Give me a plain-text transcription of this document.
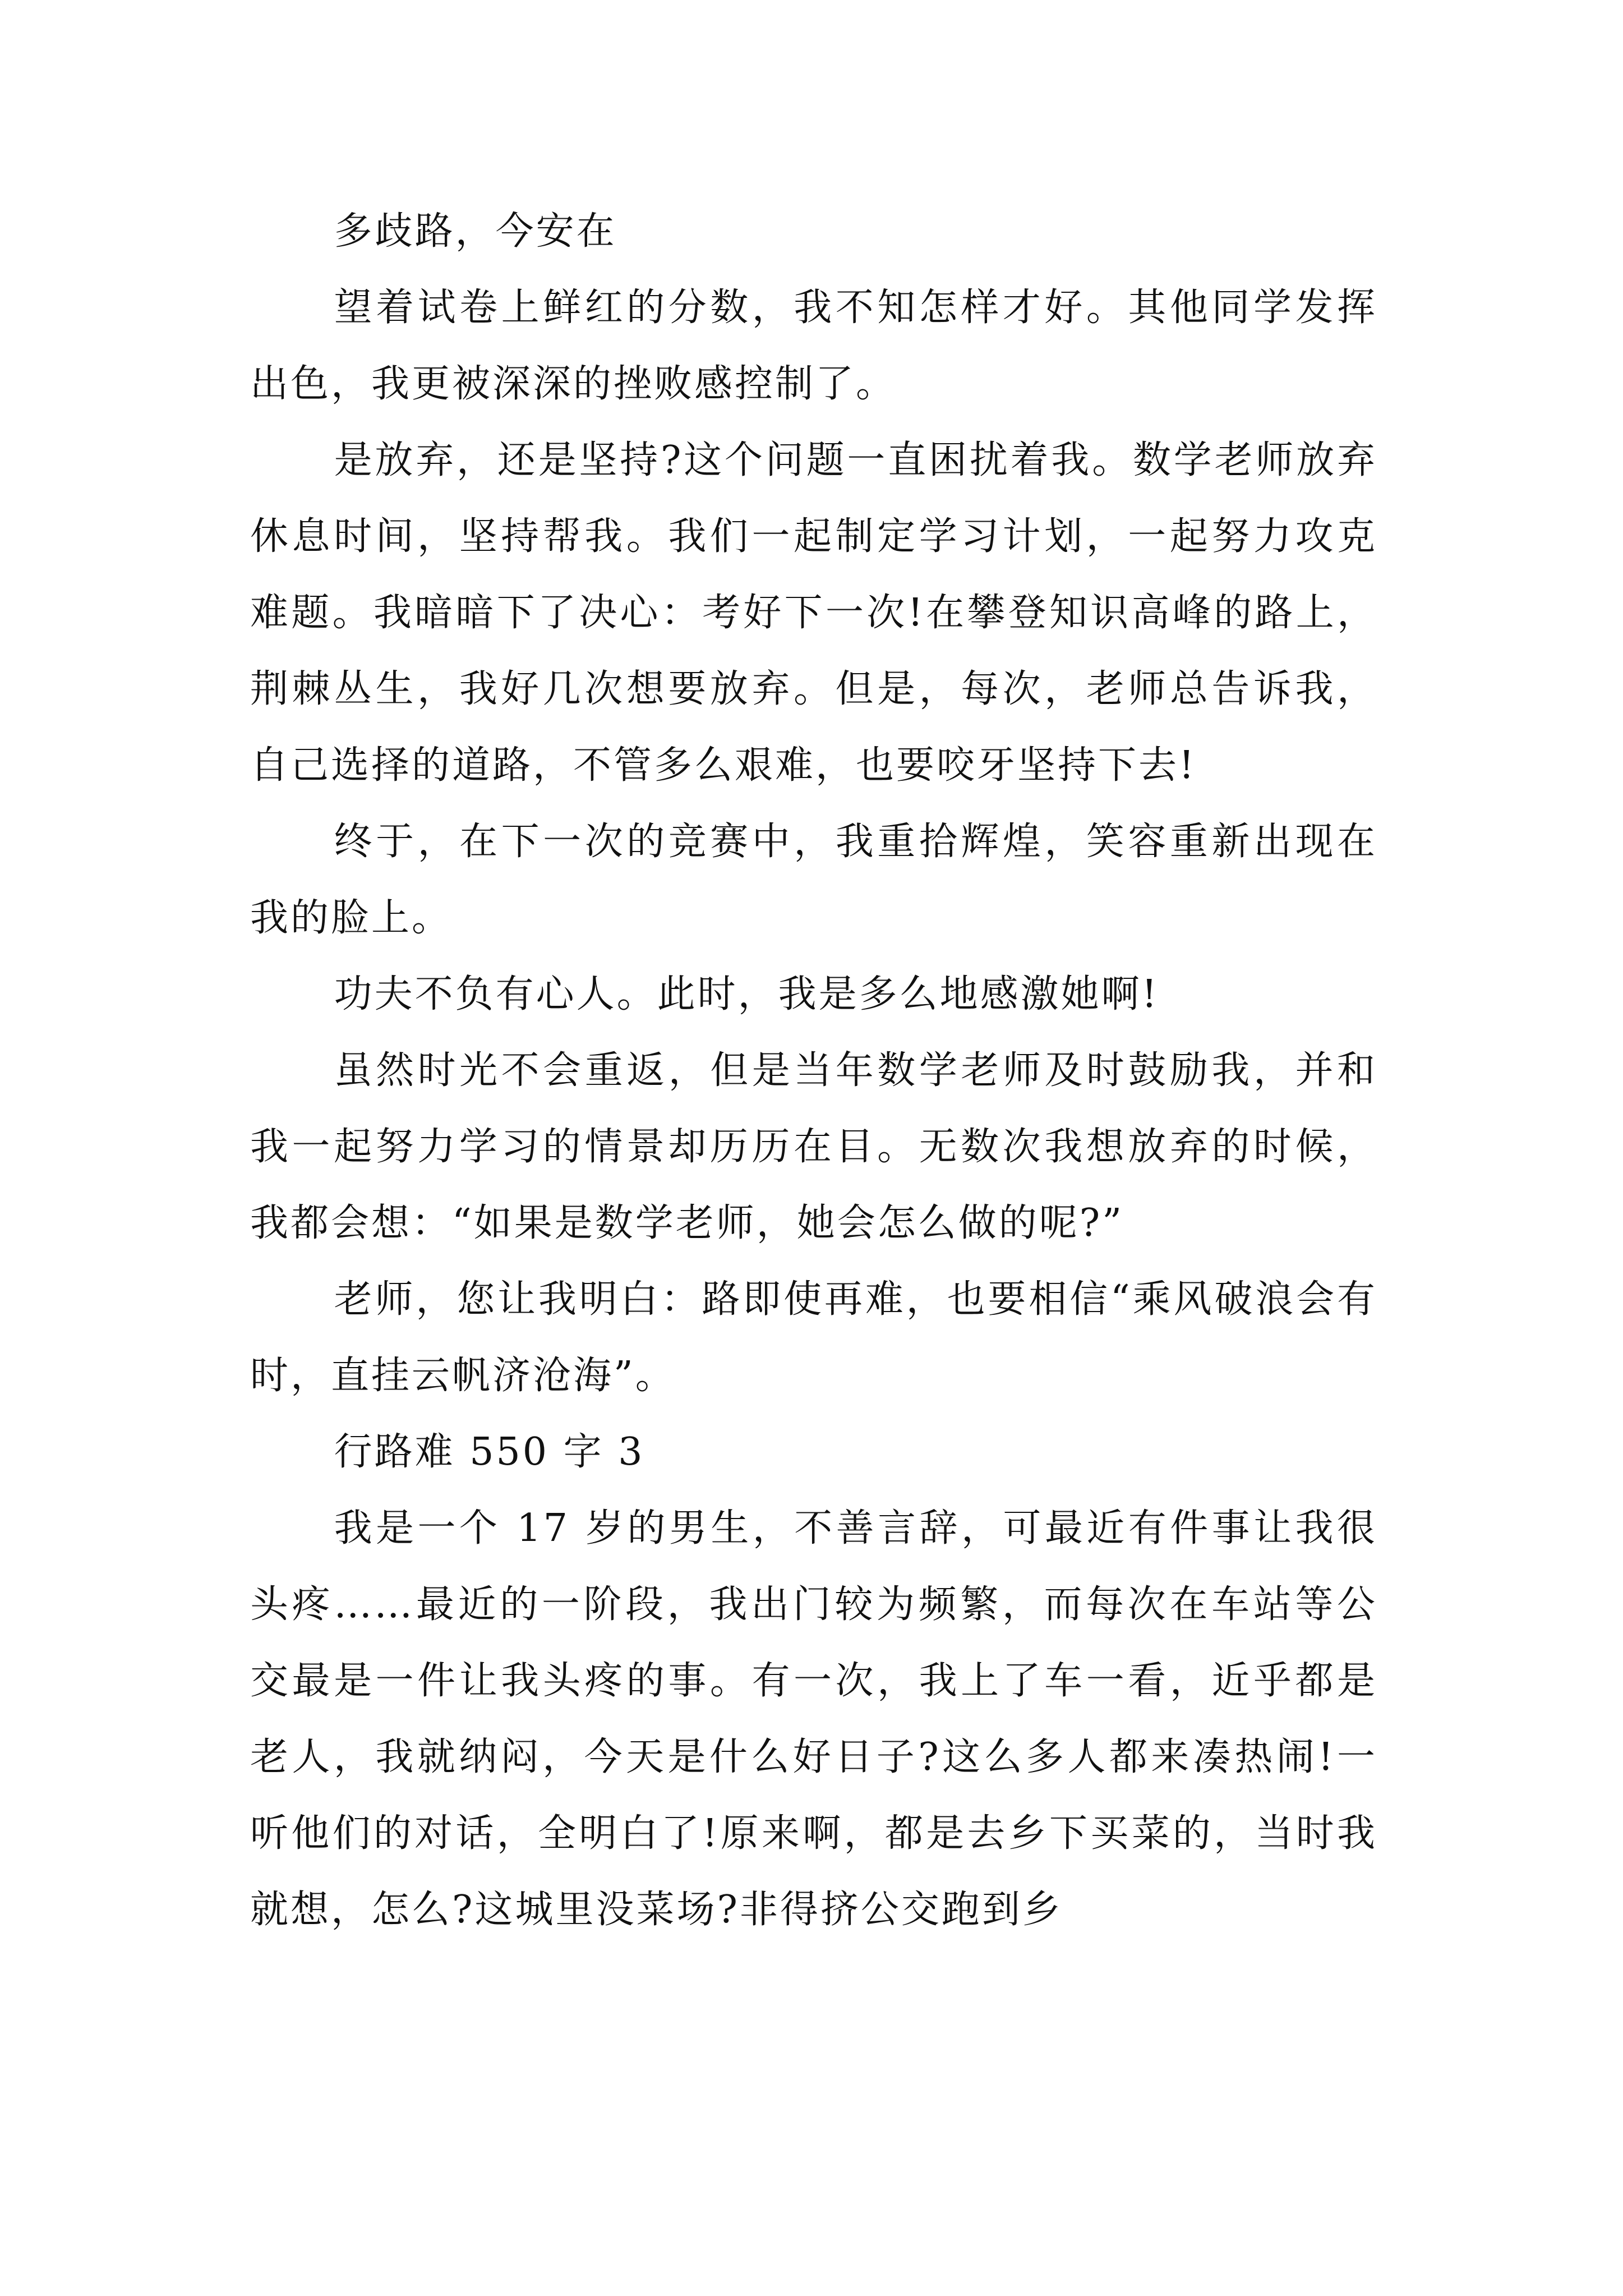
多歧路，今安在

望着试卷上鲜红的分数，我不知怎样才好。其他同学发挥出色，我更被深深的挫败感控制了。

是放弃，还是坚持?这个问题一直困扰着我。数学老师放弃休息时间，坚持帮我。我们一起制定学习计划，一起努力攻克难题。我暗暗下了决心：考好下一次!在攀登知识高峰的路上，荆棘丛生，我好几次想要放弃。但是，每次，老师总告诉我，自己选择的道路，不管多么艰难，也要咬牙坚持下去!

终于，在下一次的竞赛中，我重拾辉煌，笑容重新出现在我的脸上。

功夫不负有心人。此时，我是多么地感激她啊!

虽然时光不会重返，但是当年数学老师及时鼓励我，并和我一起努力学习的情景却历历在目。无数次我想放弃的时候，我都会想：“如果是数学老师，她会怎么做的呢?”

老师，您让我明白：路即使再难，也要相信“乘风破浪会有时，直挂云帆济沧海”。

行路难 550 字 3

我是一个 17 岁的男生，不善言辞，可最近有件事让我很头疼……最近的一阶段，我出门较为频繁，而每次在车站等公交最是一件让我头疼的事。有一次，我上了车一看，近乎都是老人，我就纳闷，今天是什么好日子?这么多人都来凑热闹!一听他们的对话，全明白了!原来啊，都是去乡下买菜的，当时我就想，怎么?这城里没菜场?非得挤公交跑到乡
